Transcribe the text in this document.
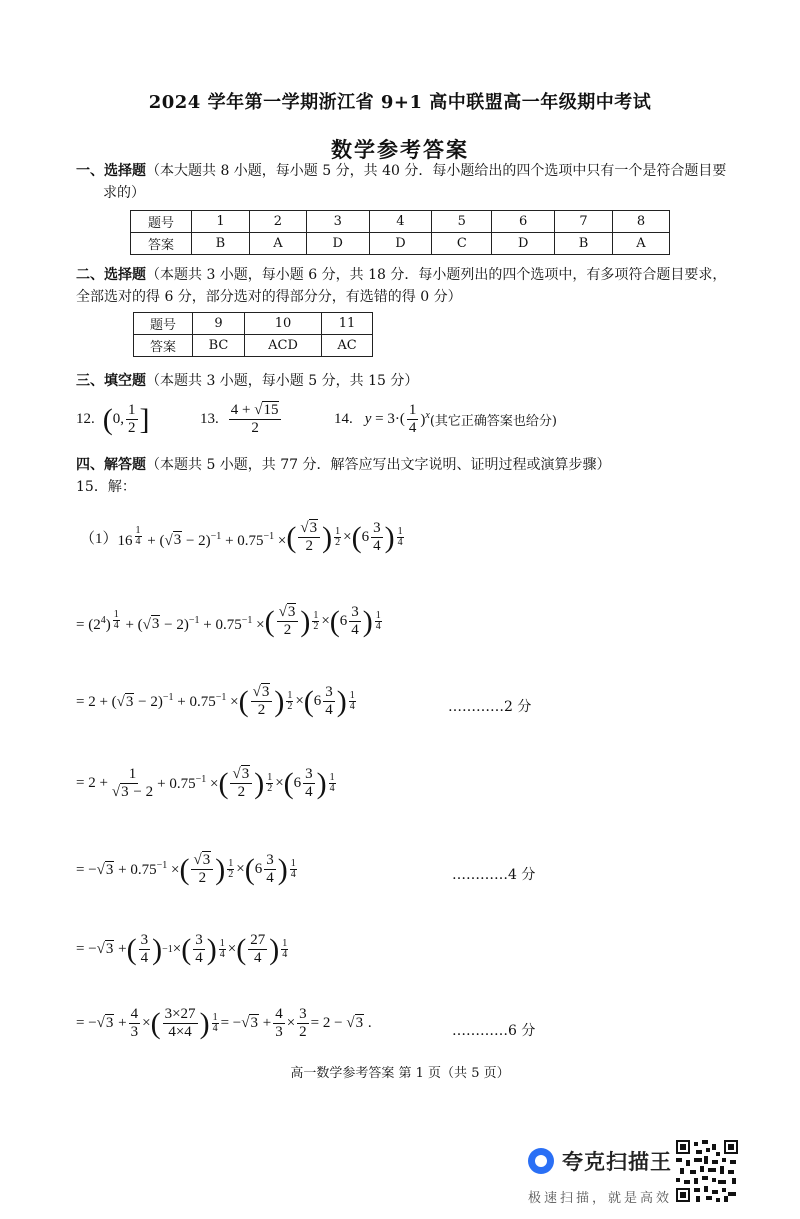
2024 学年第一学期浙江省 9+1 高中联盟高一年级期中考试
数学参考答案
一、选择题（本大题共 8 小题，每小题 5 分，共 40 分．每小题给出的四个选项中只有一个是符合题目要
求的）
题号	1	2	3	4	5	6	7	8
答案	B	A	D	D	C	D	B	A
二、选择题（本题共 3 小题，每小题 6 分，共 18 分．每小题列出的四个选项中，有多项符合题目要求，
全部选对的得 6 分，部分选对的得部分分，有选错的得 0 分）
题号	9	10	11
答案	BC	ACD	AC
三、填空题（本题共 3 小题，每小题 5 分，共 15 分）
12. ( 0, $\frac{1}{2}$ ]	13. $\frac{4 + √15}{2}$	14. $y = 3\cdot( \frac{1}{4} )^x$ (其它正确答案也给分)
四、解答题（本题共 5 小题，共 77 分．解答应写出文字说明、证明过程或演算步骤）
15．解：
（1） 16 $^{\frac{1}{4}} + (√3 - 2)^{-1} + 0.75^{-1}$ × ( $\frac{√3}{2}$ ) $\frac{1}{2}$ × ( $6 \frac{3}{4}$ ) $\frac{1}{4}$
= $(2^4) ^{\frac{1}{4}} + (√3 - 2)^{-1} + 0.75^{-1}$ × ( $\frac{√3}{2}$ ) $\frac{1}{2}$ × ( $6 \frac{3}{4}$ ) $\frac{1}{4}$
= $2 + (√3 - 2)^{-1} + 0.75^{-1}$ × ( $\frac{√3}{2}$ ) $\frac{1}{2}$ × ( $6 \frac{3}{4}$ ) $\frac{1}{4}$	…………2 分
= $2 + \frac{1}{√3 - 2} + 0.75^{-1}$ × ( $\frac{√3}{2}$ ) $\frac{1}{2}$ × ( $6 \frac{3}{4}$ ) $\frac{1}{4}$
= $-√3 + 0.75^{-1}$ × ( $\frac{√3}{2}$ ) $\frac{1}{2}$ × ( $6 \frac{3}{4}$ ) $\frac{1}{4}$	…………4 分
= −√3 + ( $\frac{3}{4}$ ) −1 × ( $\frac{3}{4}$ ) $\frac{1}{4}$ × ( $\frac{27}{4}$ ) $\frac{1}{4}$
= $-√3 + \frac{4}{3}$ × ( $\frac{3\times 27}{4\times 4}$ ) $\frac{1}{4} = -√3 + \frac{4}{3} \times \frac{3}{2} = 2 - √3$ .	…………6 分
高一数学参考答案 第 1 页（共 5 页）
夸克扫描王
极速扫描，就是高效
